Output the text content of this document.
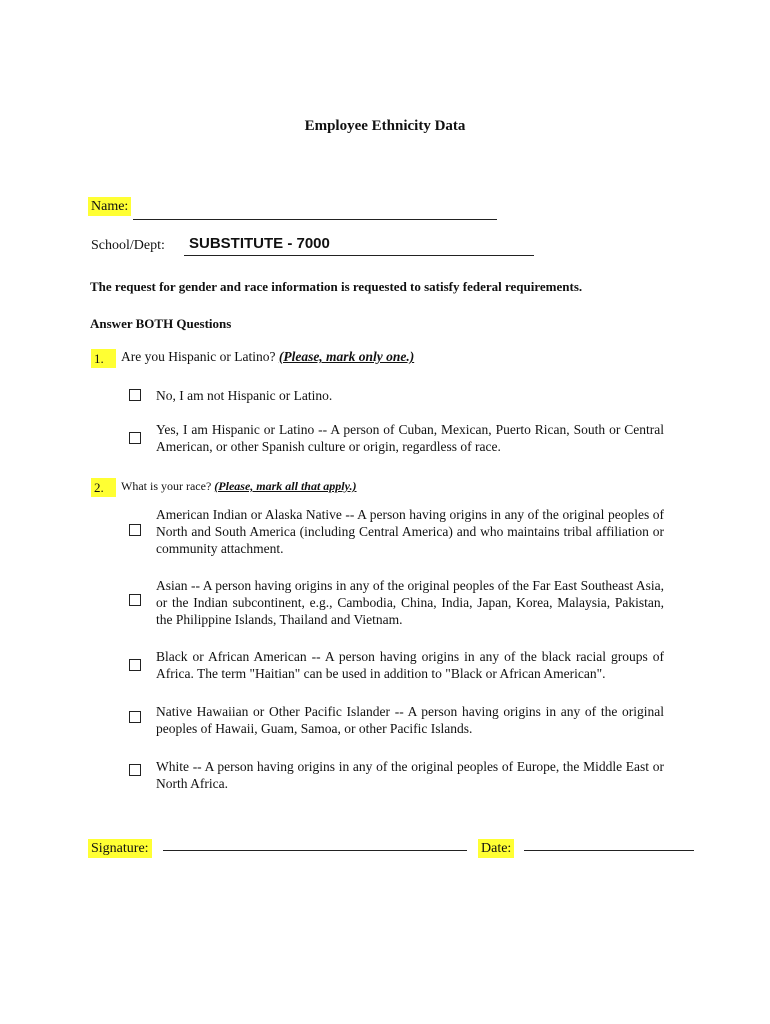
Employee Ethnicity Data
Name:
School/Dept: SUBSTITUTE - 7000
The request for gender and race information is requested to satisfy federal requirements.
Answer BOTH Questions
1.	Are you Hispanic or Latino? (Please, mark only one.)
No, I am not Hispanic or Latino.
Yes, I am Hispanic or Latino -- A person of Cuban, Mexican, Puerto Rican, South or Central American, or other Spanish culture or origin, regardless of race.
2.	What is your race? (Please, mark all that apply.)
American Indian or Alaska Native -- A person having origins in any of the original peoples of North and South America (including Central America) and who maintains tribal affiliation or community attachment.
Asian -- A person having origins in any of the original peoples of the Far East Southeast Asia, or the Indian subcontinent, e.g., Cambodia, China, India, Japan, Korea, Malaysia, Pakistan, the Philippine Islands, Thailand and Vietnam.
Black or African American -- A person having origins in any of the black racial groups of Africa. The term "Haitian" can be used in addition to "Black or African American".
Native Hawaiian or Other Pacific Islander -- A person having origins in any of the original peoples of Hawaii, Guam, Samoa, or other Pacific Islands.
White -- A person having origins in any of the original peoples of Europe, the Middle East or North Africa.
Signature:	Date:
